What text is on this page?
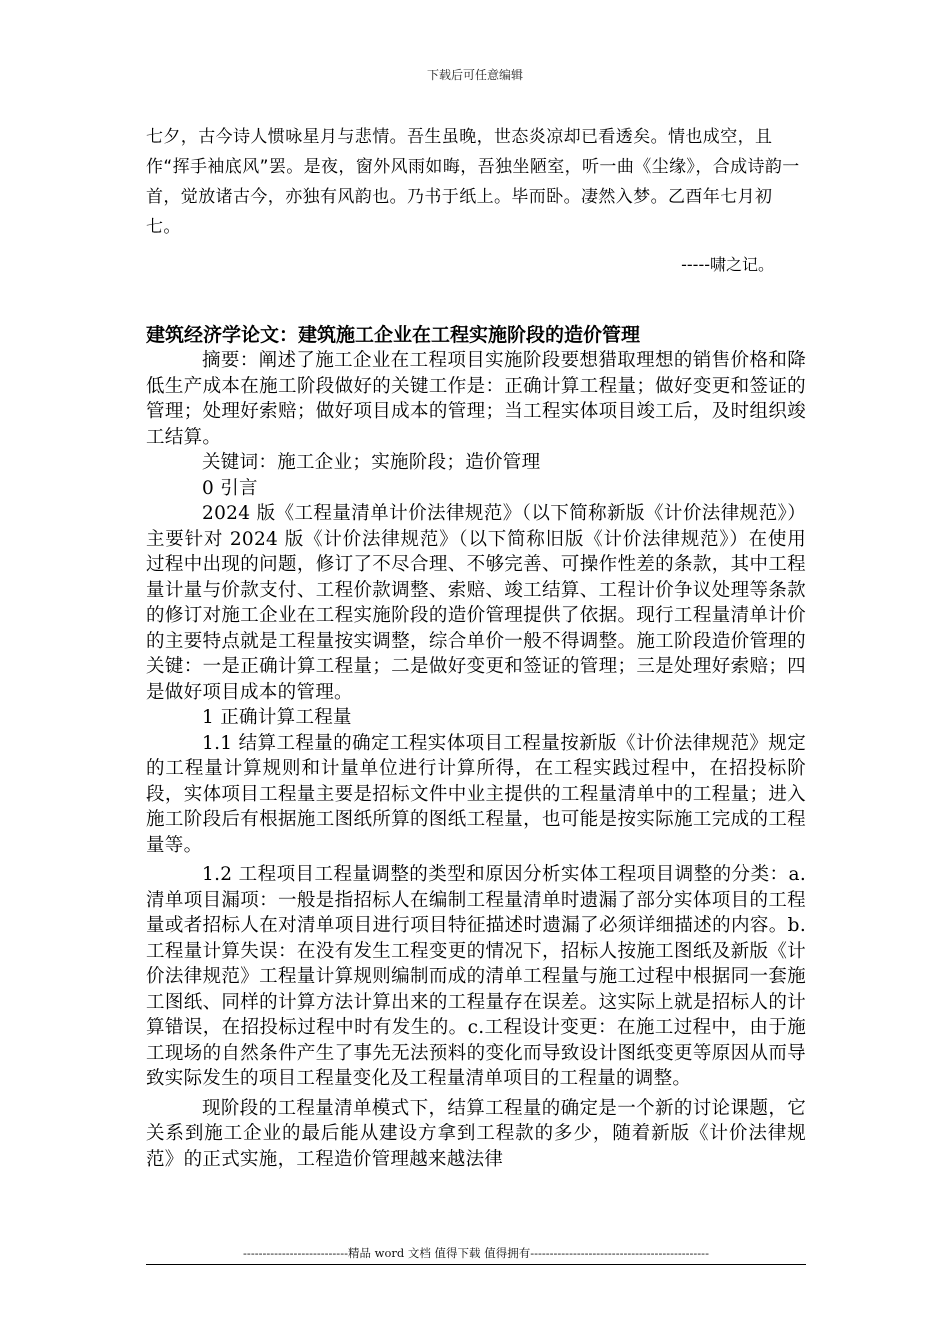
下载后可任意编辑
七夕，古今诗人惯咏星月与悲情。吾生虽晚，世态炎凉却已看透矣。情也成空，且作“挥手袖底风”罢。是夜，窗外风雨如晦，吾独坐陋室，听一曲《尘缘》，合成诗韵一首，觉放诸古今，亦独有风韵也。乃书于纸上。毕而卧。凄然入梦。乙酉年七月初七。
-----啸之记。
建筑经济学论文：建筑施工企业在工程实施阶段的造价管理

摘要：阐述了施工企业在工程项目实施阶段要想猎取理想的销售价格和降低生产成本在施工阶段做好的关键工作是：正确计算工程量；做好变更和签证的管理；处理好索赔；做好项目成本的管理；当工程实体项目竣工后，及时组织竣工结算。

关键词：施工企业；实施阶段；造价管理

0 引言

2024 版《工程量清单计价法律规范》（以下简称新版《计价法律规范》）主要针对 2024 版《计价法律规范》（以下简称旧版《计价法律规范》）在使用过程中出现的问题，修订了不尽合理、不够完善、可操作性差的条款，其中工程量计量与价款支付、工程价款调整、索赔、竣工结算、工程计价争议处理等条款的修订对施工企业在工程实施阶段的造价管理提供了依据。现行工程量清单计价的主要特点就是工程量按实调整，综合单价一般不得调整。施工阶段造价管理的关键：一是正确计算工程量；二是做好变更和签证的管理；三是处理好索赔；四是做好项目成本的管理。

1 正确计算工程量

1.1 结算工程量的确定工程实体项目工程量按新版《计价法律规范》规定的工程量计算规则和计量单位进行计算所得，在工程实践过程中，在招投标阶段，实体项目工程量主要是招标文件中业主提供的工程量清单中的工程量；进入施工阶段后有根据施工图纸所算的图纸工程量，也可能是按实际施工完成的工程量等。

1.2 工程项目工程量调整的类型和原因分析实体工程项目调整的分类：a.清单项目漏项：一般是指招标人在编制工程量清单时遗漏了部分实体项目的工程量或者招标人在对清单项目进行项目特征描述时遗漏了必须详细描述的内容。b.工程量计算失误：在没有发生工程变更的情况下，招标人按施工图纸及新版《计价法律规范》工程量计算规则编制而成的清单工程量与施工过程中根据同一套施工图纸、同样的计算方法计算出来的工程量存在误差。这实际上就是招标人的计算错误，在招投标过程中时有发生的。c.工程设计变更：在施工过程中，由于施工现场的自然条件产生了事先无法预料的变化而导致设计图纸变更等原因从而导致实际发生的项目工程量变化及工程量清单项目的工程量的调整。

现阶段的工程量清单模式下，结算工程量的确定是一个新的讨论课题，它关系到施工企业的最后能从建设方拿到工程款的多少，随着新版《计价法律规范》的正式实施，工程造价管理越来越法律

---------------------------精品 word 文档 值得下载 值得拥有----------------------------------------------
